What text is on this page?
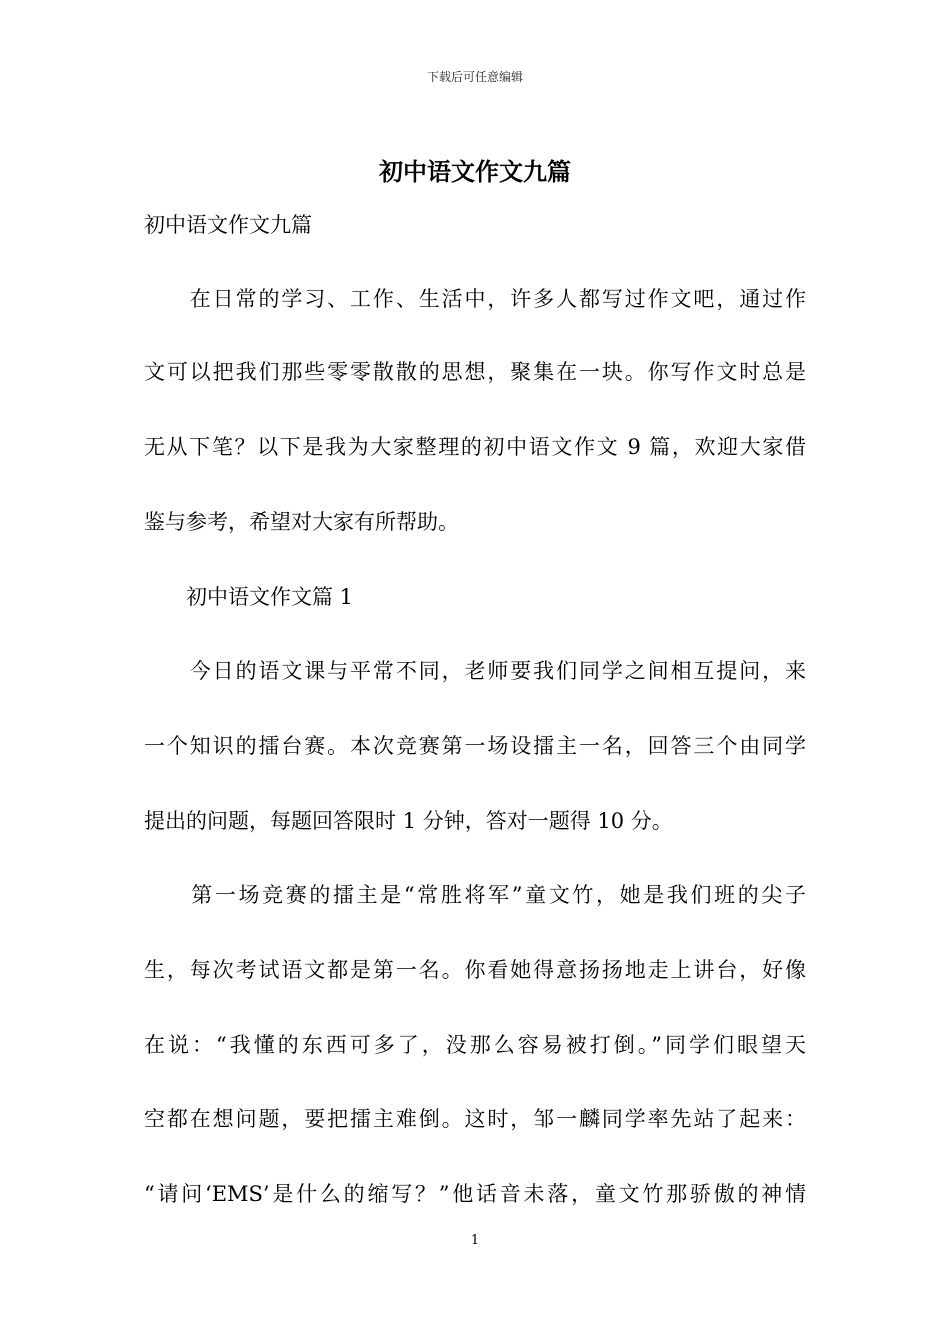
下载后可任意编辑
初中语文作文九篇
初中语文作文九篇
　　在日常的学习、工作、生活中，许多人都写过作文吧，通过作
文可以把我们那些零零散散的思想，聚集在一块。你写作文时总是
无从下笔？以下是我为大家整理的初中语文作文 9 篇，欢迎大家借
鉴与参考，希望对大家有所帮助。
　　初中语文作文篇 1
　　今日的语文课与平常不同，老师要我们同学之间相互提问，来
一个知识的擂台赛。本次竞赛第一场设擂主一名，回答三个由同学
提出的问题，每题回答限时 1 分钟，答对一题得 10 分。
　　第一场竞赛的擂主是“常胜将军”童文竹，她是我们班的尖子
生，每次考试语文都是第一名。你看她得意扬扬地走上讲台，好像
在说：“我懂的东西可多了，没那么容易被打倒。”同学们眼望天
空都在想问题，要把擂主难倒。这时，邹一麟同学率先站了起来：
“请问‘EMS’是什么的缩写？”他话音未落，童文竹那骄傲的神情
1
